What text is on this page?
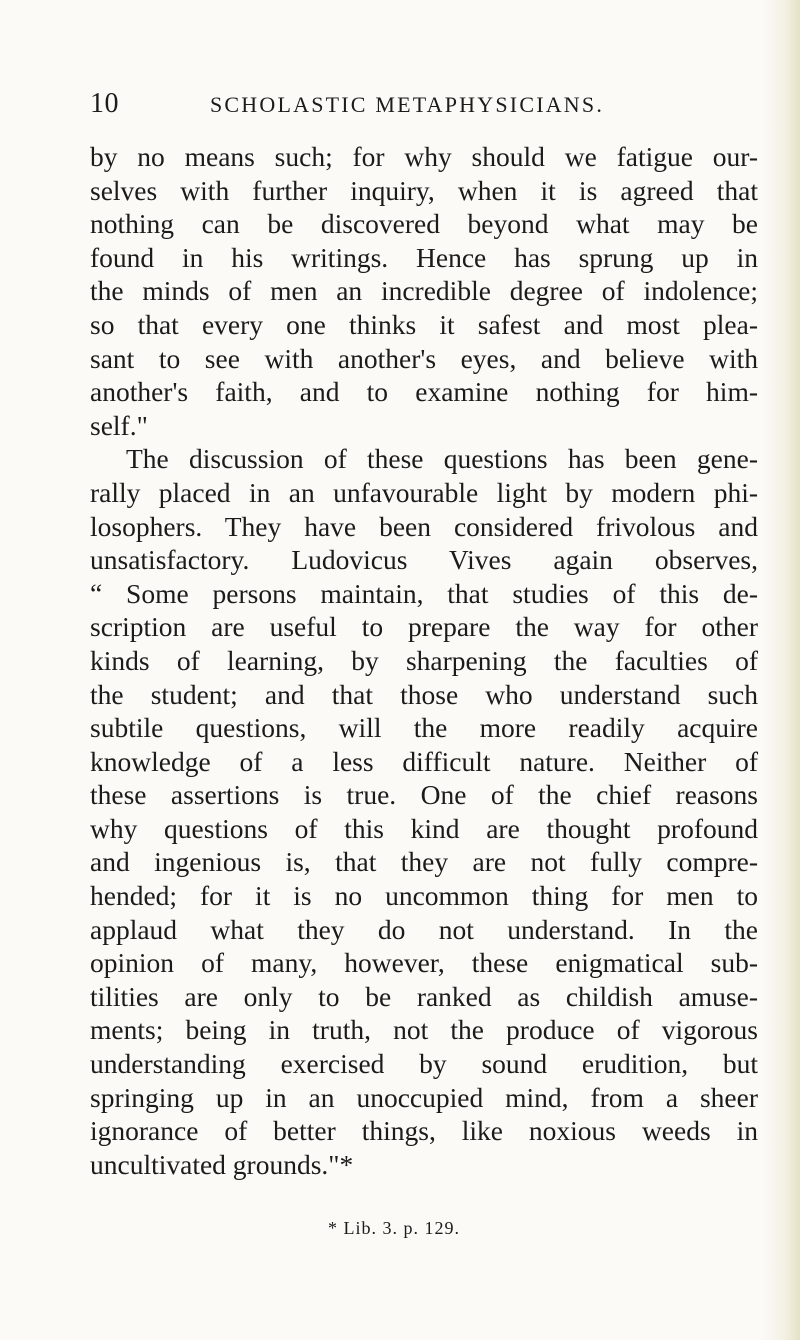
10	SCHOLASTIC METAPHYSICIANS.
by no means such; for why should we fatigue our-
selves with further inquiry, when it is agreed that
nothing can be discovered beyond what may be
found in his writings. Hence has sprung up in
the minds of men an incredible degree of indolence;
so that every one thinks it safest and most plea-
sant to see with another's eyes, and believe with
another's faith, and to examine nothing for him-
self."
The discussion of these questions has been gene-
rally placed in an unfavourable light by modern phi-
losophers. They have been considered frivolous and
unsatisfactory. Ludovicus Vives again observes,
“ Some persons maintain, that studies of this de-
scription are useful to prepare the way for other
kinds of learning, by sharpening the faculties of
the student; and that those who understand such
subtile questions, will the more readily acquire
knowledge of a less difficult nature. Neither of
these assertions is true. One of the chief reasons
why questions of this kind are thought profound
and ingenious is, that they are not fully compre-
hended; for it is no uncommon thing for men to
applaud what they do not understand. In the
opinion of many, however, these enigmatical sub-
tilities are only to be ranked as childish amuse-
ments; being in truth, not the produce of vigorous
understanding exercised by sound erudition, but
springing up in an unoccupied mind, from a sheer
ignorance of better things, like noxious weeds in
uncultivated grounds."*
* Lib. 3. p. 129.
